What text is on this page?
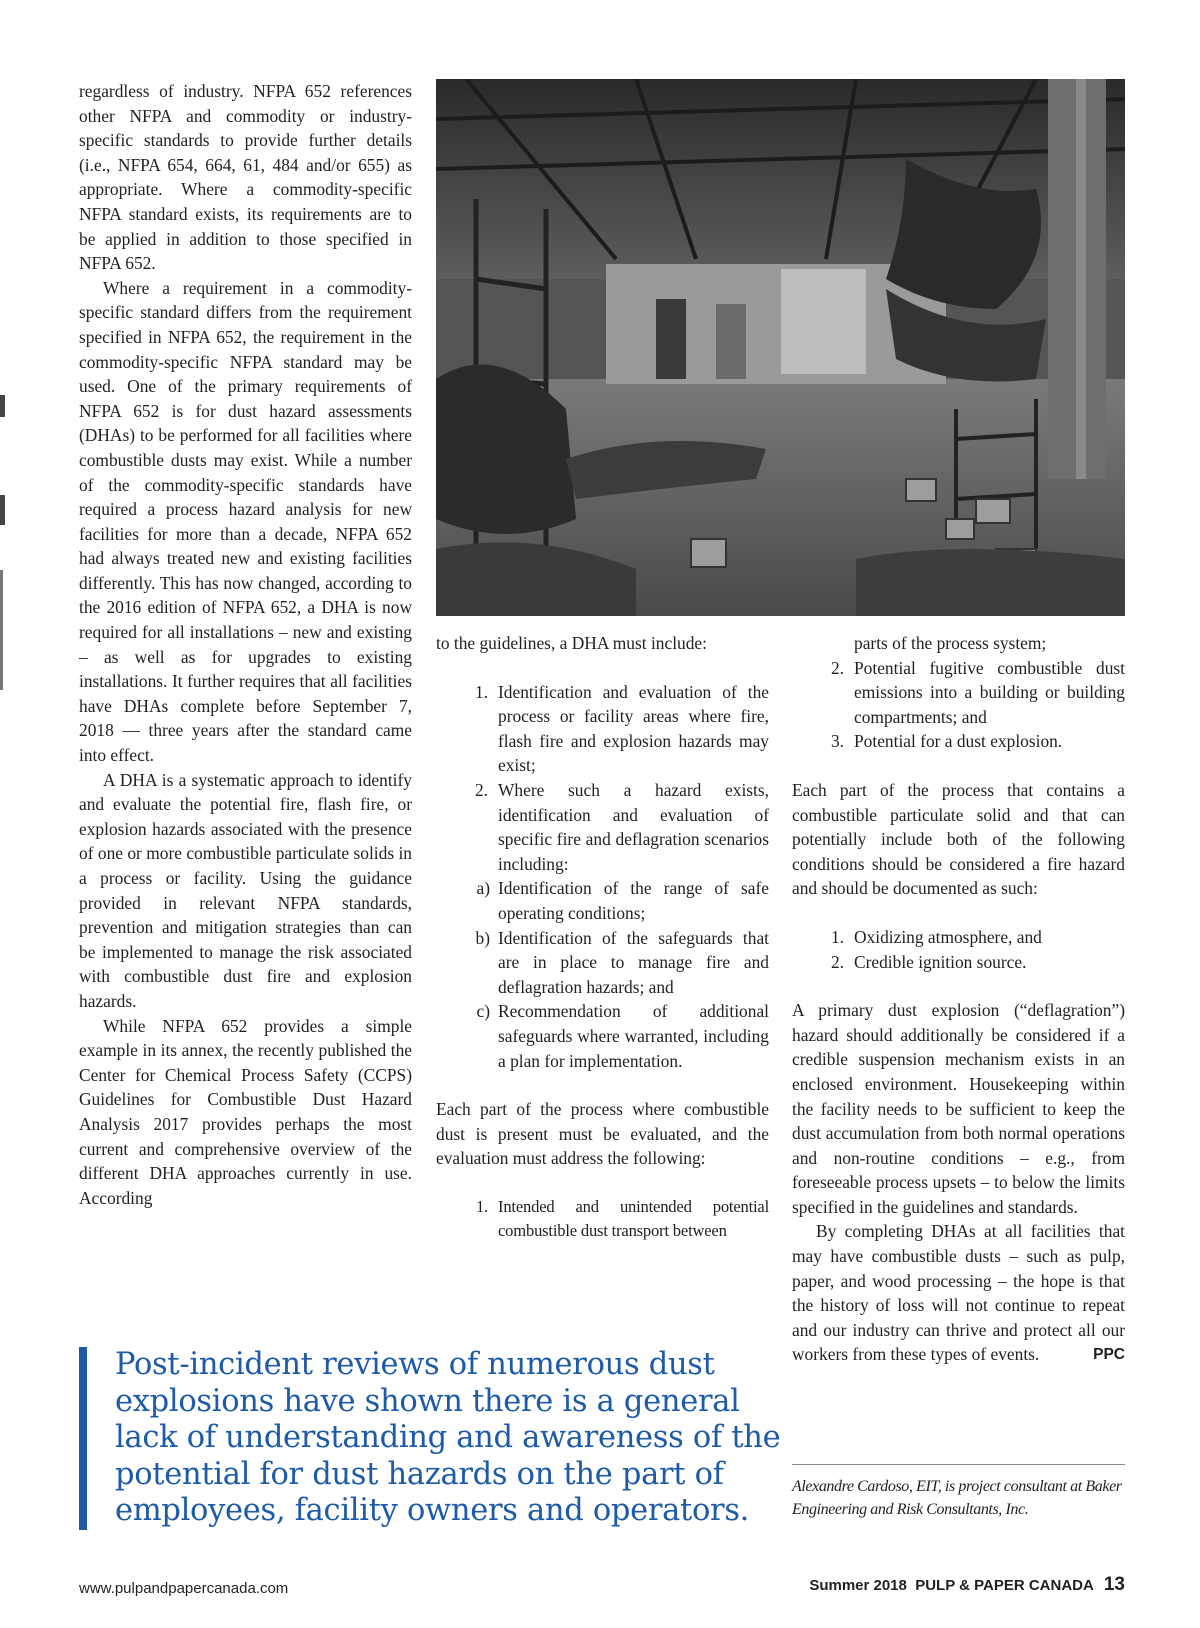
regardless of industry. NFPA 652 references other NFPA and commodity or industry-specific standards to provide further details (i.e., NFPA 654, 664, 61, 484 and/or 655) as appropriate. Where a commodity-specific NFPA standard exists, its requirements are to be applied in addition to those specified in NFPA 652.

Where a requirement in a commodity-specific standard differs from the requirement specified in NFPA 652, the requirement in the commodity-specific NFPA standard may be used. One of the primary requirements of NFPA 652 is for dust hazard assessments (DHAs) to be performed for all facilities where combustible dusts may exist. While a number of the commodity-specific standards have required a process hazard analysis for new facilities for more than a decade, NFPA 652 had always treated new and existing facilities differently. This has now changed, according to the 2016 edition of NFPA 652, a DHA is now required for all installations – new and existing – as well as for upgrades to existing installations. It further requires that all facilities have DHAs complete before September 7, 2018 — three years after the standard came into effect.

A DHA is a systematic approach to identify and evaluate the potential fire, flash fire, or explosion hazards associated with the presence of one or more combustible particulate solids in a process or facility. Using the guidance provided in relevant NFPA standards, prevention and mitigation strategies than can be implemented to manage the risk associated with combustible dust fire and explosion hazards.

While NFPA 652 provides a simple example in its annex, the recently published the Center for Chemical Process Safety (CCPS) Guidelines for Combustible Dust Hazard Analysis 2017 provides perhaps the most current and comprehensive overview of the different DHA approaches currently in use. According

to the guidelines, a DHA must include:

1. Identification and evaluation of the process or facility areas where fire, flash fire and explosion hazards may exist;
2. Where such a hazard exists, identification and evaluation of specific fire and deflagration scenarios including:
a) Identification of the range of safe operating conditions;
b) Identification of the safeguards that are in place to manage fire and deflagration hazards; and
c) Recommendation of additional safeguards where warranted, including a plan for implementation.

Each part of the process where combustible dust is present must be evaluated, and the evaluation must address the following:

1. Intended and unintended potential combustible dust transport between
parts of the process system;
2. Potential fugitive combustible dust emissions into a building or building compartments; and
3. Potential for a dust explosion.

Each part of the process that contains a combustible particulate solid and that can potentially include both of the following conditions should be considered a fire hazard and should be documented as such:

1. Oxidizing atmosphere, and
2. Credible ignition source.

A primary dust explosion (“deflagration”) hazard should additionally be considered if a credible suspension mechanism exists in an enclosed environment. Housekeeping within the facility needs to be sufficient to keep the dust accumulation from both normal operations and non-routine conditions – e.g., from foreseeable process upsets – to below the limits specified in the guidelines and standards.

By completing DHAs at all facilities that may have combustible dusts – such as pulp, paper, and wood processing – the hope is that the history of loss will not continue to repeat and our industry can thrive and protect all our workers from these types of events.	PPC

Post-incident reviews of numerous dust explosions have shown there is a general lack of understanding and awareness of the potential for dust hazards on the part of employees, facility owners and operators.

Alexandre Cardoso, EIT, is project consultant at Baker Engineering and Risk Consultants, Inc.

www.pulpandpapercanada.com	Summer 2018 PULP & PAPER CANADA 13
